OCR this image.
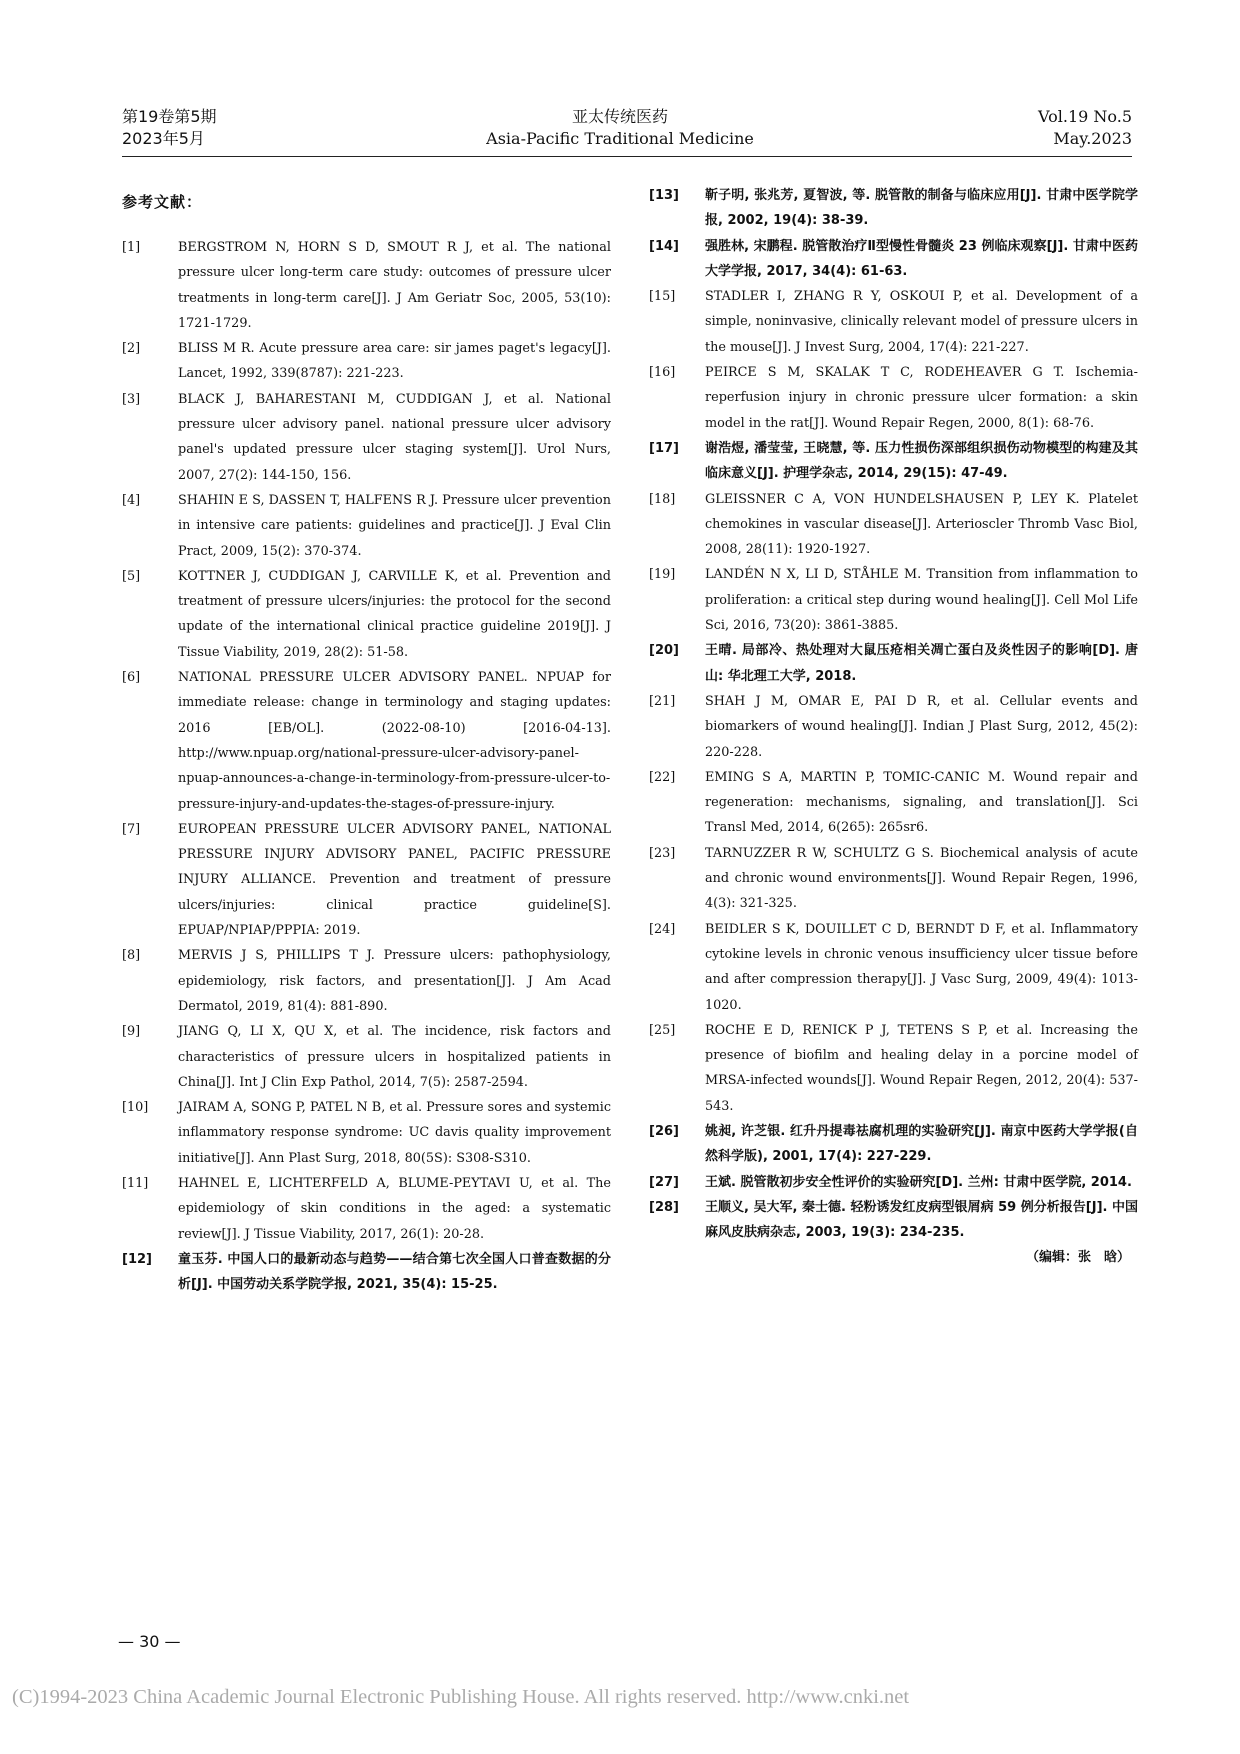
第19卷第5期
2023年5月
亚太传统医药
Asia-Pacific Traditional Medicine
Vol.19 No.5
May.2023
参考文献：
[1]	BERGSTROM N, HORN S D, SMOUT R J, et al. The national pressure ulcer long-term care study: outcomes of pressure ulcer treatments in long-term care[J]. J Am Geriatr Soc, 2005, 53(10): 1721-1729.
[2]	BLISS M R. Acute pressure area care: sir james paget's legacy[J]. Lancet, 1992, 339(8787): 221-223.
[3]	BLACK J, BAHARESTANI M, CUDDIGAN J, et al. National pressure ulcer advisory panel. national pressure ulcer advisory panel's updated pressure ulcer staging system[J]. Urol Nurs, 2007, 27(2): 144-150, 156.
[4]	SHAHIN E S, DASSEN T, HALFENS R J. Pressure ulcer prevention in intensive care patients: guidelines and practice[J]. J Eval Clin Pract, 2009, 15(2): 370-374.
[5]	KOTTNER J, CUDDIGAN J, CARVILLE K, et al. Prevention and treatment of pressure ulcers/injuries: the protocol for the second update of the international clinical practice guideline 2019[J]. J Tissue Viability, 2019, 28(2): 51-58.
[6]	NATIONAL PRESSURE ULCER ADVISORY PANEL. NPUAP for immediate release: change in terminology and staging updates: 2016 [EB/OL]. (2022-08-10) [2016-04-13]. http://www.npuap.org/national-pressure-ulcer-advisory-panel-npuap-announces-a-change-in-terminology-from-pressure-ulcer-to-pressure-injury-and-updates-the-stages-of-pressure-injury.
[7]	EUROPEAN PRESSURE ULCER ADVISORY PANEL, NATIONAL PRESSURE INJURY ADVISORY PANEL, PACIFIC PRESSURE INJURY ALLIANCE. Prevention and treatment of pressure ulcers/injuries: clinical practice guideline[S]. EPUAP/NPIAP/PPPIA: 2019.
[8]	MERVIS J S, PHILLIPS T J. Pressure ulcers: pathophysiology, epidemiology, risk factors, and presentation[J]. J Am Acad Dermatol, 2019, 81(4): 881-890.
[9]	JIANG Q, LI X, QU X, et al. The incidence, risk factors and characteristics of pressure ulcers in hospitalized patients in China[J]. Int J Clin Exp Pathol, 2014, 7(5): 2587-2594.
[10] JAIRAM A, SONG P, PATEL N B, et al. Pressure sores and systemic inflammatory response syndrome: UC davis quality improvement initiative[J]. Ann Plast Surg, 2018, 80(5S): S308-S310.
[11] HAHNEL E, LICHTERFELD A, BLUME-PEYTAVI U, et al. The epidemiology of skin conditions in the aged: a systematic review[J]. J Tissue Viability, 2017, 26(1): 20-28.
[12] 童玉芬. 中国人口的最新动态与趋势——结合第七次全国人口普查数据的分析[J]. 中国劳动关系学院学报, 2021, 35(4): 15-25.
[13] 靳子明, 张兆芳, 夏智波, 等. 脱管散的制备与临床应用[J]. 甘肃中医学院学报, 2002, 19(4): 38-39.
[14] 强胜林, 宋鹏程. 脱管散治疗Ⅱ型慢性骨髓炎 23 例临床观察[J]. 甘肃中医药大学学报, 2017, 34(4): 61-63.
[15] STADLER I, ZHANG R Y, OSKOUI P, et al. Development of a simple, noninvasive, clinically relevant model of pressure ulcers in the mouse[J]. J Invest Surg, 2004, 17(4): 221-227.
[16] PEIRCE S M, SKALAK T C, RODEHEAVER G T. Ischemia-reperfusion injury in chronic pressure ulcer formation: a skin model in the rat[J]. Wound Repair Regen, 2000, 8(1): 68-76.
[17] 谢浩煜, 潘莹莹, 王晓慧, 等. 压力性损伤深部组织损伤动物模型的构建及其临床意义[J]. 护理学杂志, 2014, 29(15): 47-49.
[18] GLEISSNER C A, VON HUNDELSHAUSEN P, LEY K. Platelet chemokines in vascular disease[J]. Arterioscler Thromb Vasc Biol, 2008, 28(11): 1920-1927.
[19] LANDÉN N X, LI D, STÅHLE M. Transition from inflammation to proliferation: a critical step during wound healing[J]. Cell Mol Life Sci, 2016, 73(20): 3861-3885.
[20] 王晴. 局部冷、热处理对大鼠压疮相关凋亡蛋白及炎性因子的影响[D]. 唐山: 华北理工大学, 2018.
[21] SHAH J M, OMAR E, PAI D R, et al. Cellular events and biomarkers of wound healing[J]. Indian J Plast Surg, 2012, 45(2): 220-228.
[22] EMING S A, MARTIN P, TOMIC-CANIC M. Wound repair and regeneration: mechanisms, signaling, and translation[J]. Sci Transl Med, 2014, 6(265): 265sr6.
[23] TARNUZZER R W, SCHULTZ G S. Biochemical analysis of acute and chronic wound environments[J]. Wound Repair Regen, 1996, 4(3): 321-325.
[24] BEIDLER S K, DOUILLET C D, BERNDT D F, et al. Inflammatory cytokine levels in chronic venous insufficiency ulcer tissue before and after compression therapy[J]. J Vasc Surg, 2009, 49(4): 1013-1020.
[25] ROCHE E D, RENICK P J, TETENS S P, et al. Increasing the presence of biofilm and healing delay in a porcine model of MRSA-infected wounds[J]. Wound Repair Regen, 2012, 20(4): 537-543.
[26] 姚昶, 许芝银. 红升丹提毒祛腐机理的实验研究[J]. 南京中医药大学学报(自然科学版), 2001, 17(4): 227-229.
[27] 王斌. 脱管散初步安全性评价的实验研究[D]. 兰州: 甘肃中医学院, 2014.
[28] 王顺义, 吴大军, 秦士德. 轻粉诱发红皮病型银屑病 59 例分析报告[J]. 中国麻风皮肤病杂志, 2003, 19(3): 234-235.
（编辑：张　晗）
— 30 —
(C)1994-2023 China Academic Journal Electronic Publishing House. All rights reserved. http://www.cnki.net
